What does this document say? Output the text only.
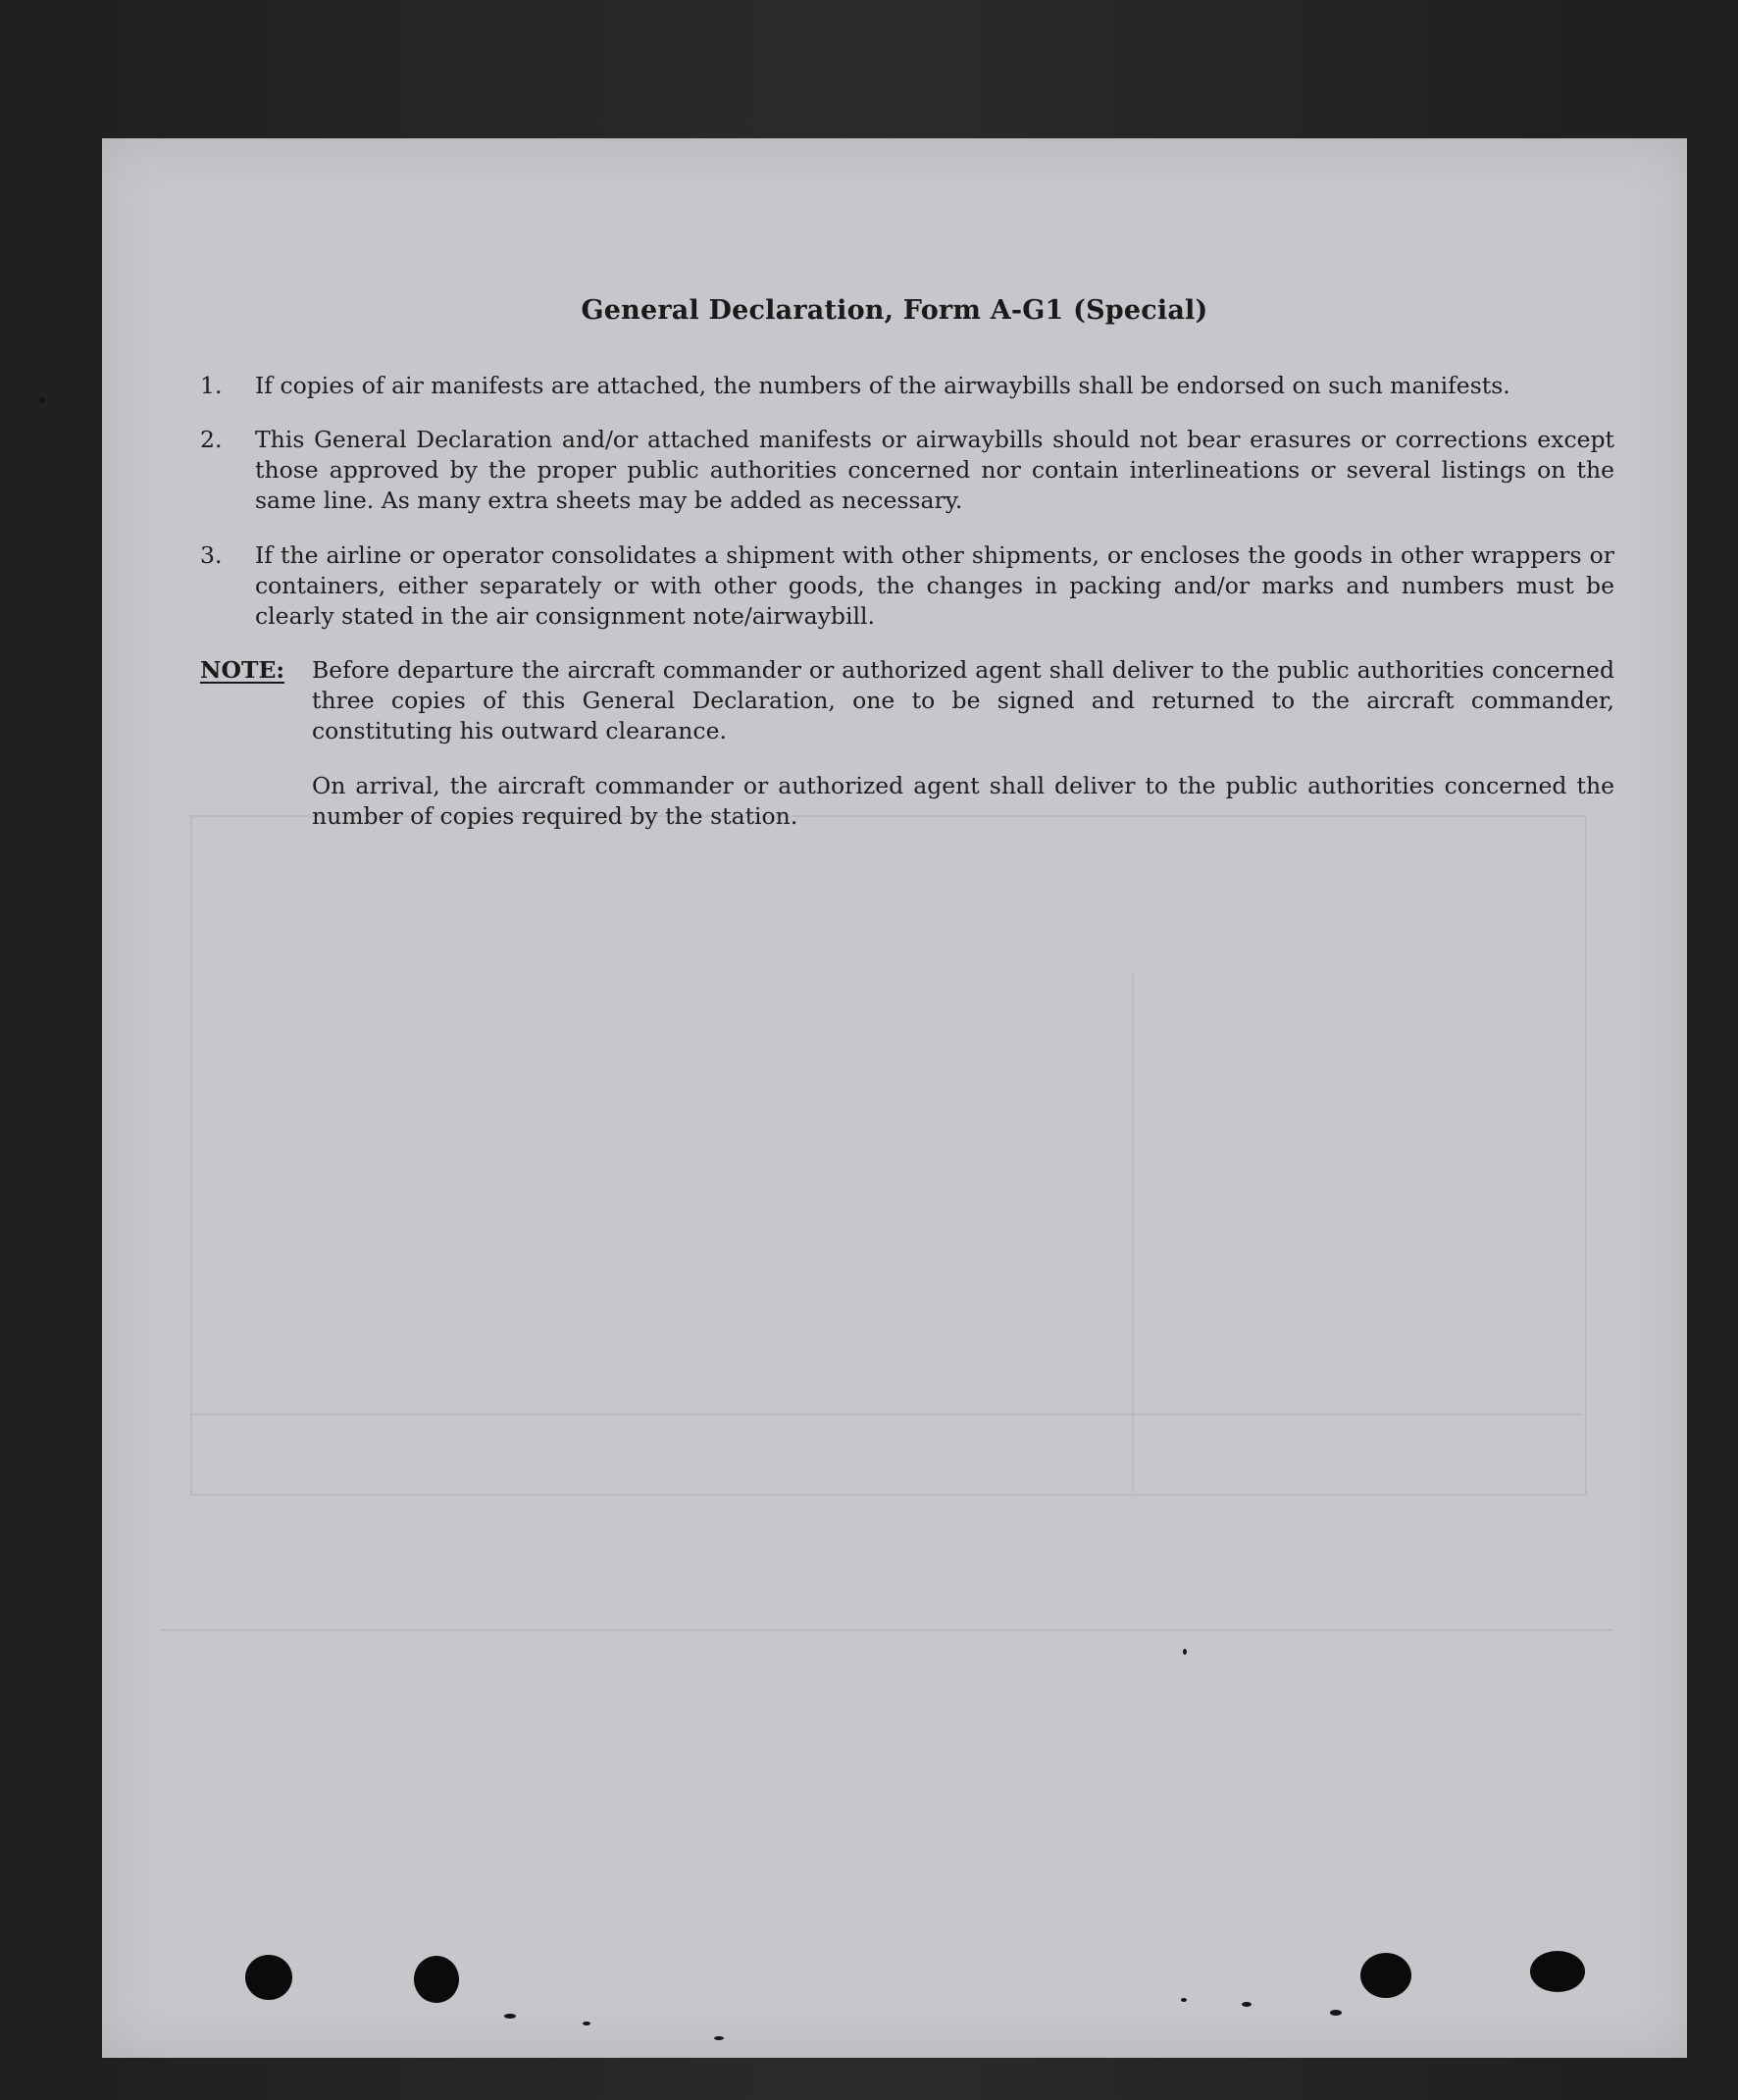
General Declaration, Form A-G1 (Special)
1.	If copies of air manifests are attached, the numbers of the airwaybills shall be endorsed on such manifests.
2.	This General Declaration and/or attached manifests or airwaybills should not bear erasures or corrections except those approved by the proper public authorities concerned nor contain interlineations or several listings on the same line. As many extra sheets may be added as necessary.
3.	If the airline or operator consolidates a shipment with other shipments, or encloses the goods in other wrappers or containers, either separately or with other goods, the changes in packing and/or marks and numbers must be clearly stated in the air consignment note/airwaybill.
NOTE:	Before departure the aircraft commander or authorized agent shall deliver to the public authorities concerned three copies of this General Declaration, one to be signed and returned to the aircraft commander, constituting his outward clearance.
On arrival, the aircraft commander or authorized agent shall deliver to the public authorities concerned the number of copies required by the station.
